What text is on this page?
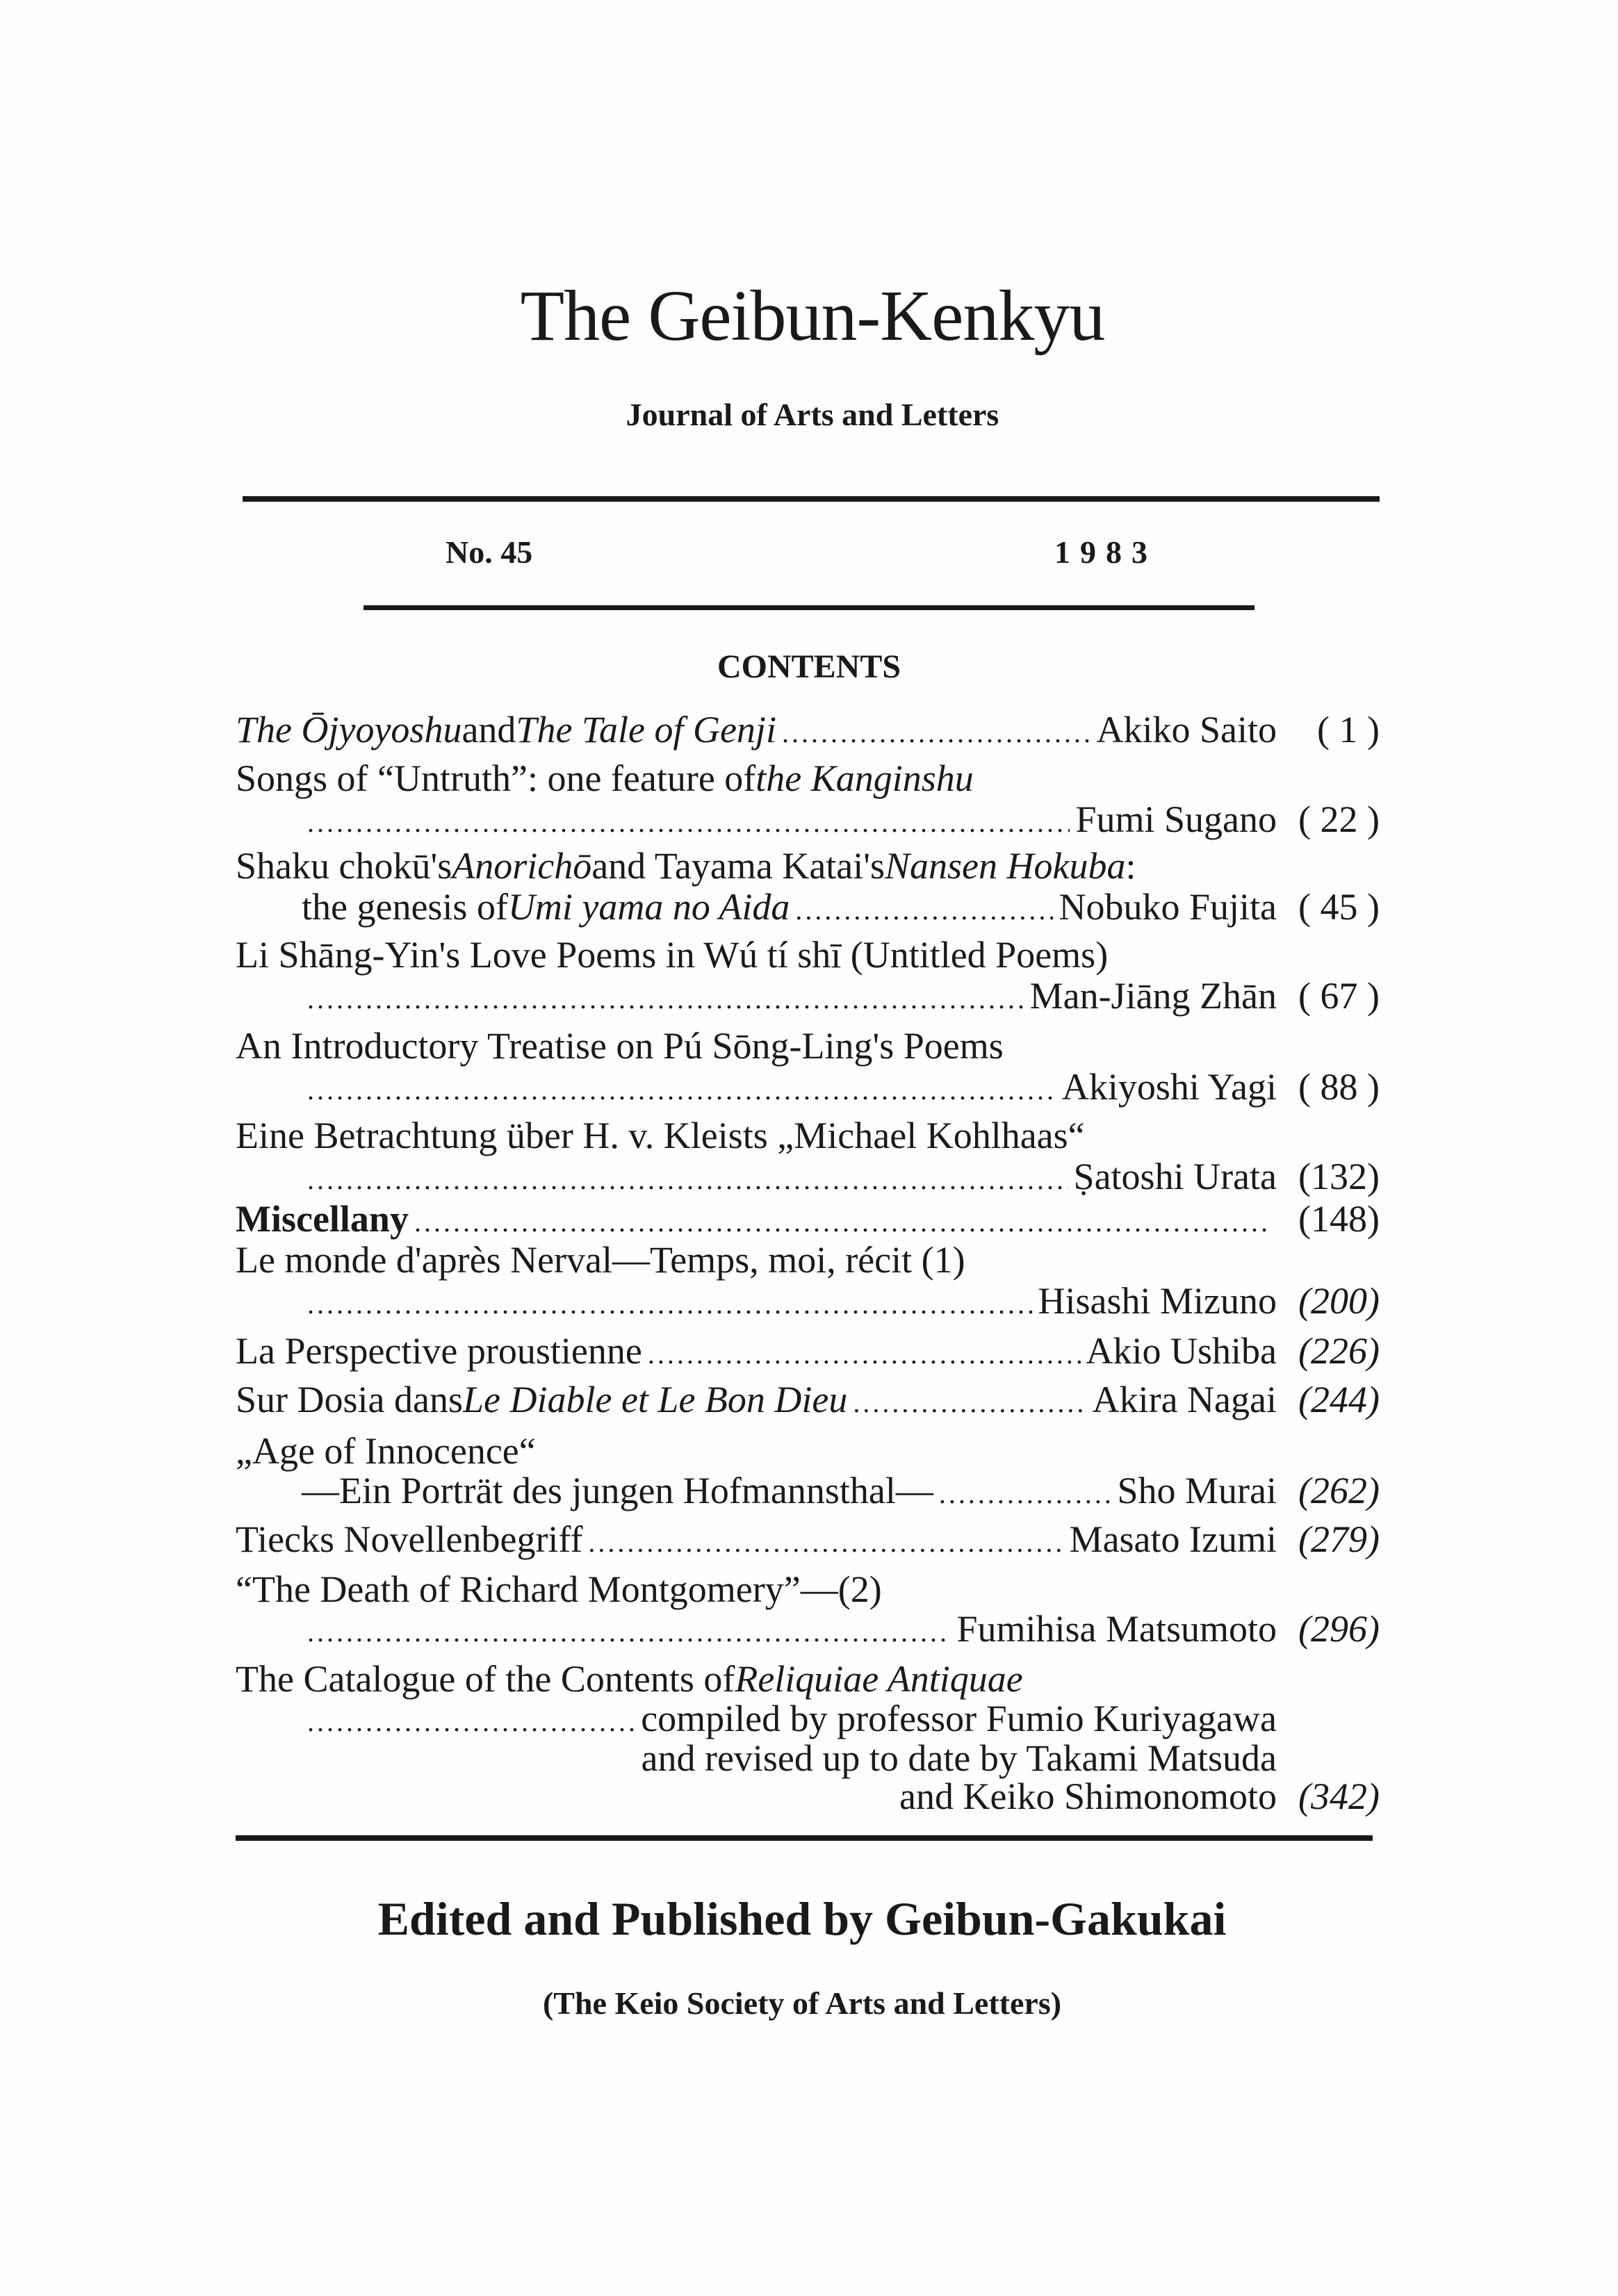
The Geibun-Kenkyu
Journal of Arts and Letters
No. 45	1983
CONTENTS
The Ōjyoyoshu and The Tale of Genji .....	Akiko Saito	( 1 )
Songs of “Untruth”: one feature of the Kanginshu
.....
Fumi Sugano ( 22 )
Shaku chokū's Anorichō and Tayama Katai's Nansen Hokuba :
the genesis of Umi yama no Aida .....	Nobuko Fujita ( 45 )
Li Shāng-Yin's Love Poems in Wú tí shī (Untitled Poems)
.....
Man-Jiāng Zhān ( 67 )
An Introductory Treatise on Pú Sōng-Ling's Poems
.....
Akiyoshi Yagi ( 88 )
Eine Betrachtung über H. v. Kleists „Michael Kohlhaas“
.....
Ṣatoshi Urata (132)
Miscellany .....	(148)
Le monde d'après Nerval—Temps, moi, récit (1)
.....
Hisashi Mizuno (200)
La Perspective proustienne .....	Akio Ushiba (226)
Sur Dosia dans Le Diable et Le Bon Dieu .....	Akira Nagai (244)
„Age of Innocence“
—Ein Porträt des jungen Hofmannsthal— .....	Sho Murai (262)
Tiecks Novellenbegriff .....	Masato Izumi (279)
“The Death of Richard Montgomery”—(2)
.....
Fumihisa Matsumoto (296)
The Catalogue of the Contents of Reliquiae Antiquae
.....
compiled by professor Fumio Kuriyagawa
and revised up to date by Takami Matsuda
and Keiko Shimonomoto (342)
Edited and Published by Geibun-Gakukai
(The Keio Society of Arts and Letters)
